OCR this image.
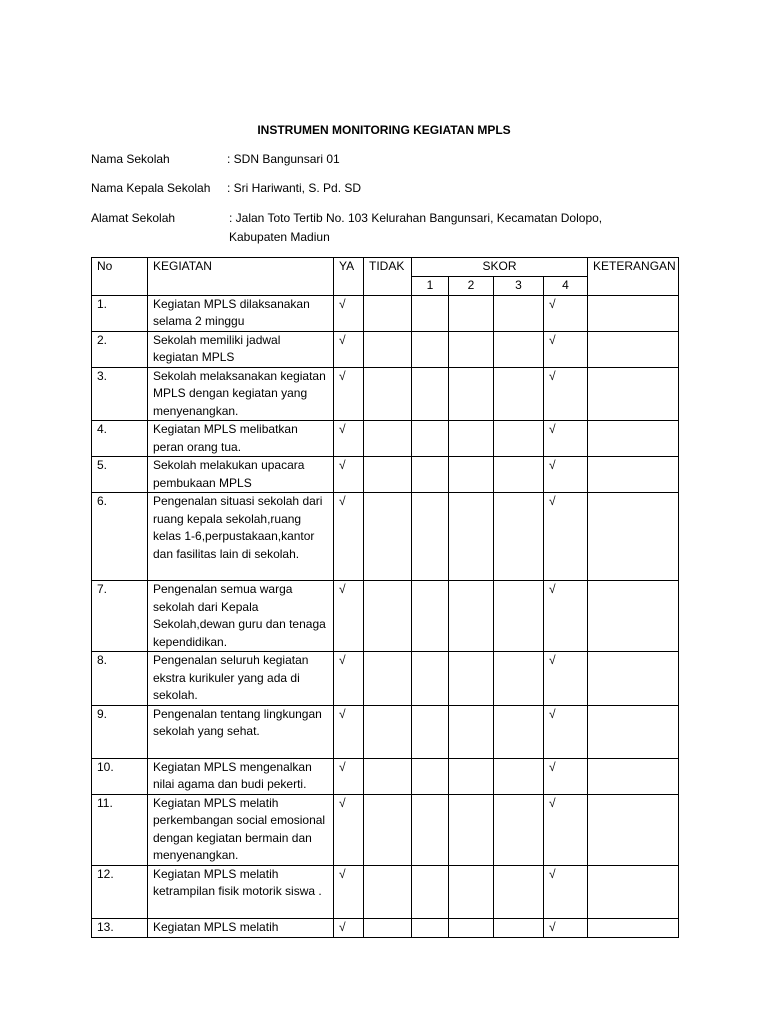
INSTRUMEN MONITORING KEGIATAN MPLS
Nama Sekolah	: SDN Bangunsari 01
Nama Kepala Sekolah : Sri Hariwanti, S. Pd. SD
Alamat Sekolah	: Jalan Toto Tertib No. 103 Kelurahan Bangunsari, Kecamatan Dolopo, Kabupaten Madiun
No	KEGIATAN	YA	TIDAK	SKOR				KETERANGAN
				1	2	3	4	
1.	Kegiatan MPLS dilaksanakan selama 2 minggu	√					√	
2.	Sekolah memiliki jadwal kegiatan MPLS	√					√	
3.	Sekolah melaksanakan kegiatan MPLS dengan kegiatan yang menyenangkan.	√					√	
4.	Kegiatan MPLS melibatkan peran orang tua.	√					√	
5.	Sekolah melakukan upacara pembukaan MPLS	√					√	
6.	Pengenalan situasi sekolah dari ruang kepala sekolah,ruang kelas 1-6,perpustakaan,kantor dan fasilitas lain di sekolah.	√					√	
7.	Pengenalan semua warga sekolah dari Kepala Sekolah,dewan guru dan tenaga kependidikan.	√					√	
8.	Pengenalan seluruh kegiatan ekstra kurikuler yang ada di sekolah.	√					√	
9.	Pengenalan tentang lingkungan sekolah yang sehat.	√					√	
10.	Kegiatan MPLS mengenalkan nilai agama dan budi pekerti.	√					√	
11.	Kegiatan MPLS melatih perkembangan social emosional dengan kegiatan bermain dan menyenangkan.	√					√	
12.	Kegiatan MPLS melatih ketrampilan fisik motorik siswa .	√					√	
13.	Kegiatan MPLS melatih	√					√	
